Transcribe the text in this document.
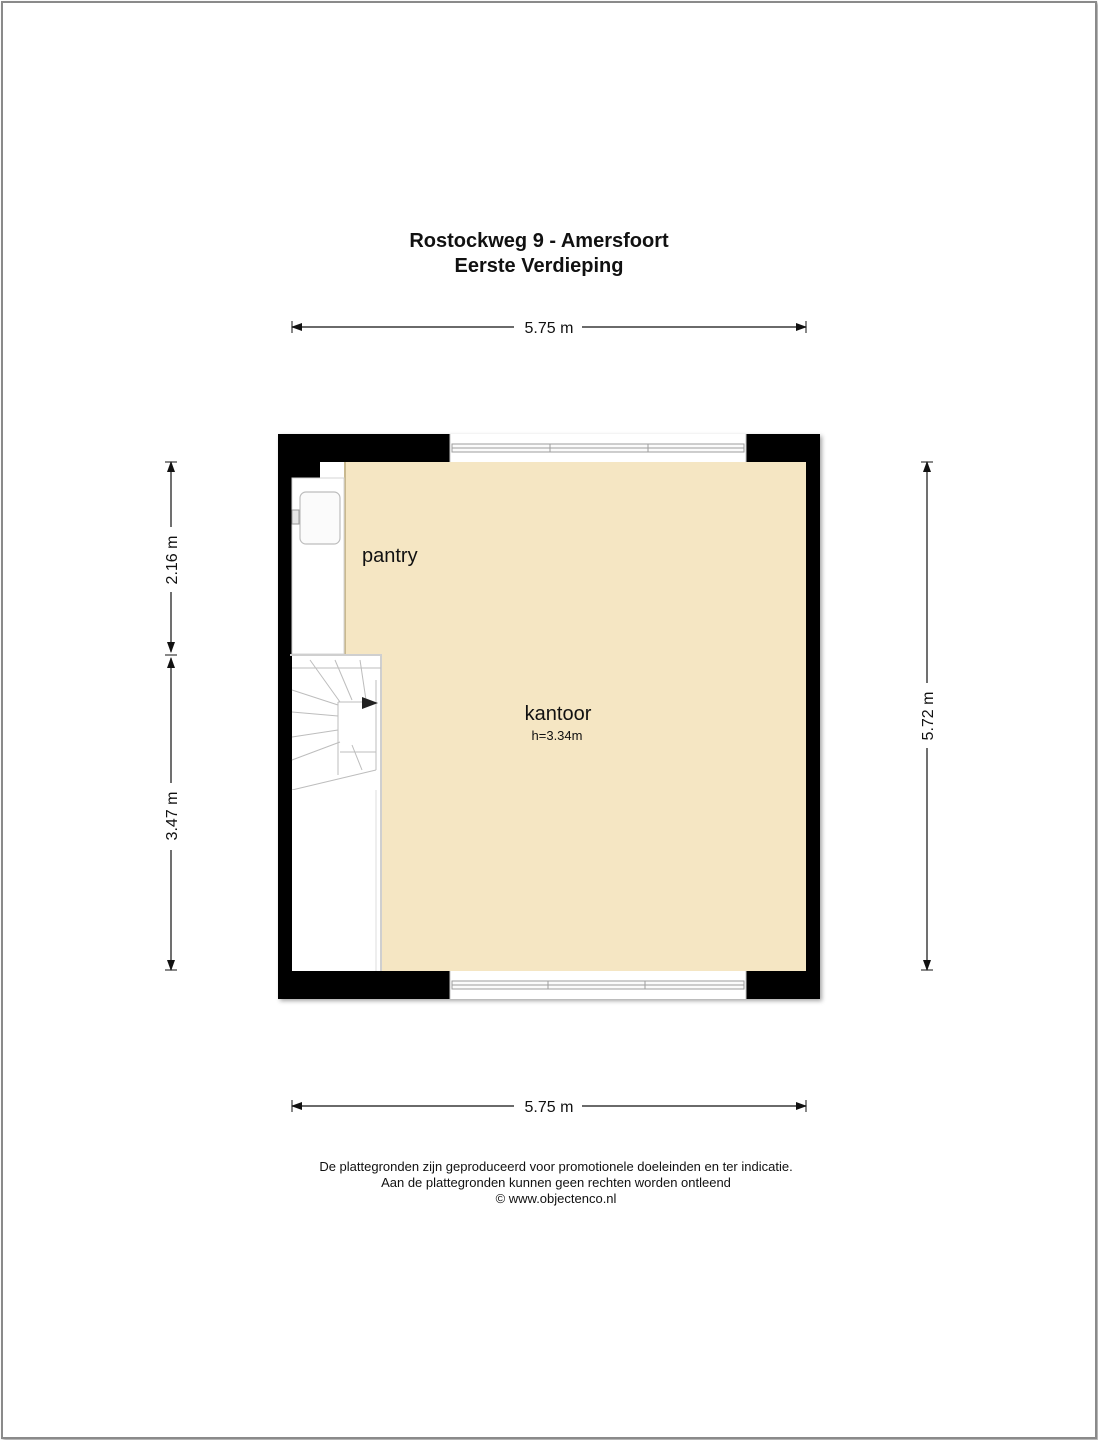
Rostockweg 9 - Amersfoort
Eerste Verdieping
5.75 m
5.75 m
2.16 m
3.47 m
5.72 m
pantry
kantoor
h=3.34m
De plattegronden zijn geproduceerd voor promotionele doeleinden en ter indicatie.
Aan de plattegronden kunnen geen rechten worden ontleend
© www.objectenco.nl
